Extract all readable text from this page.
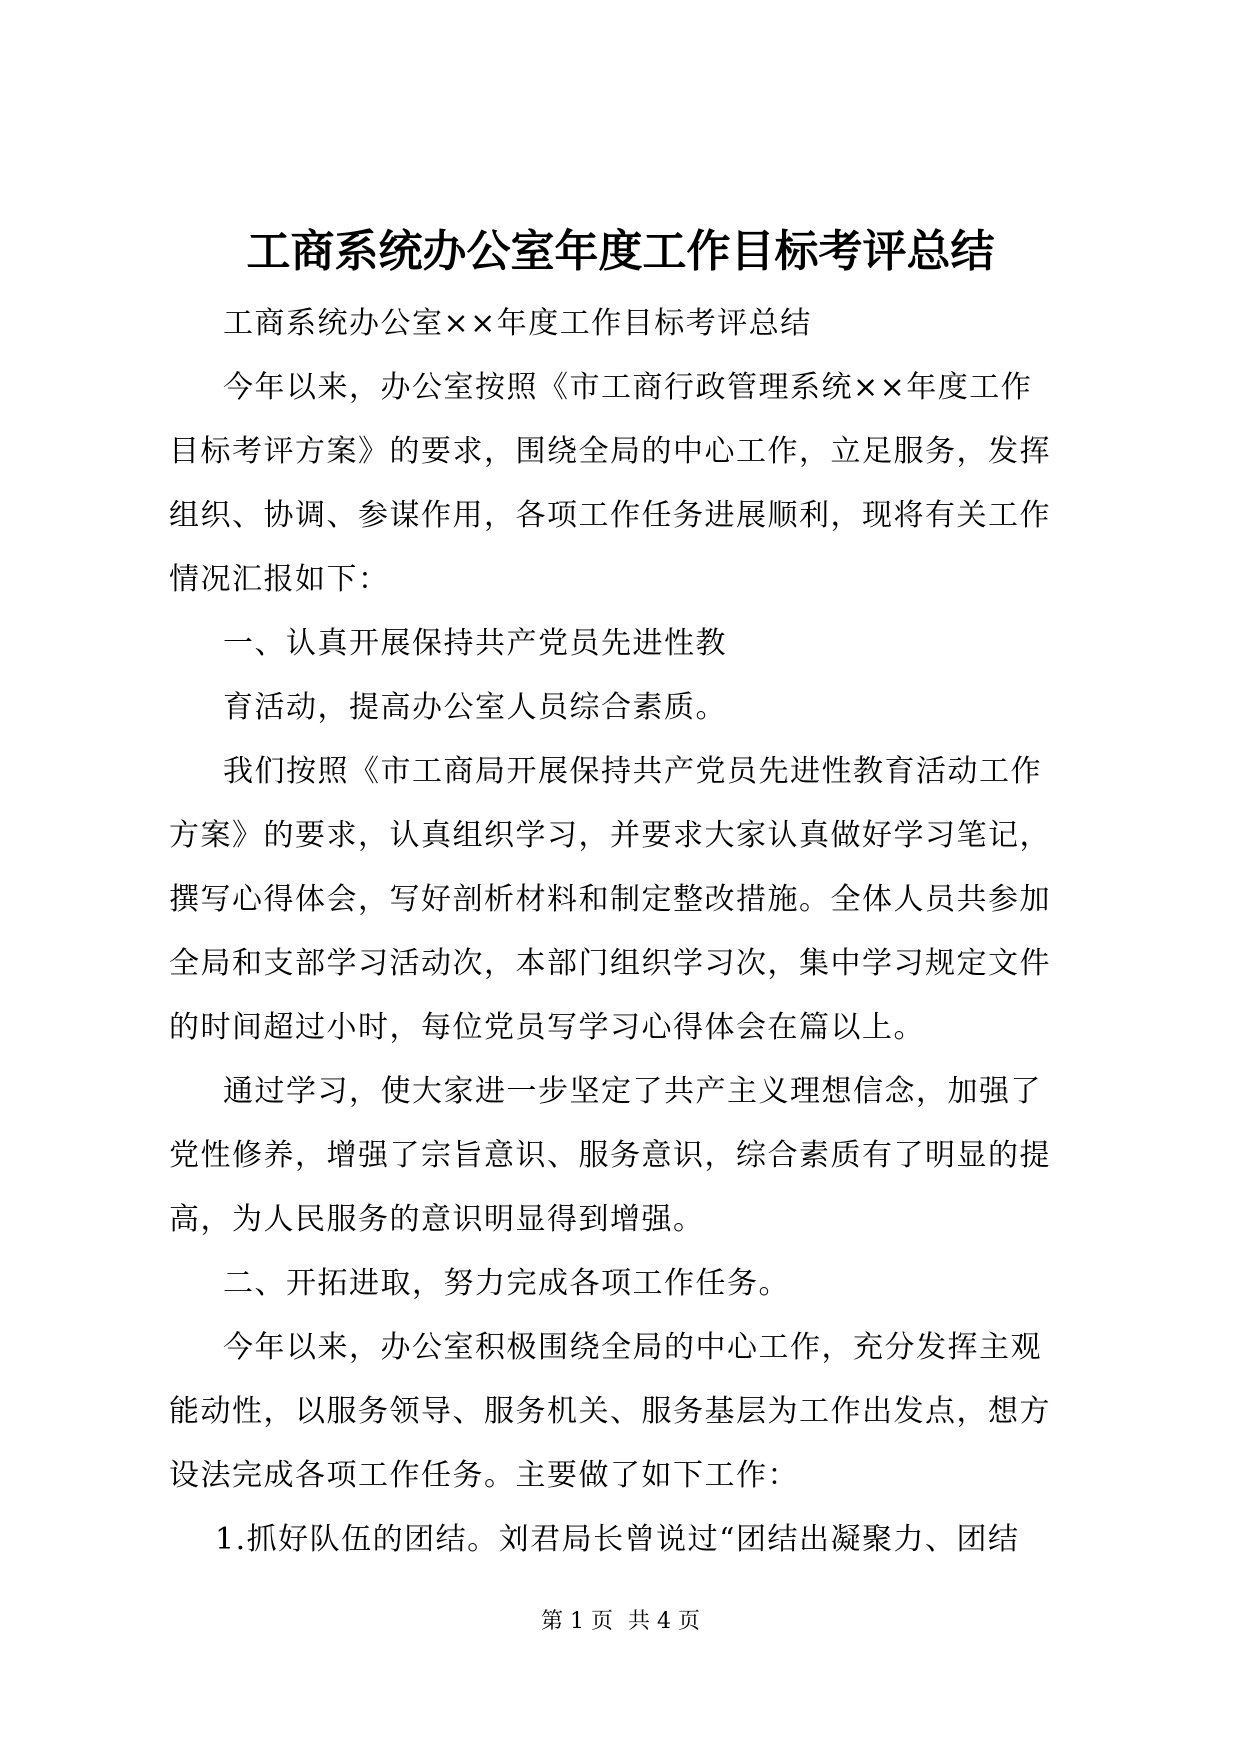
工商系统办公室年度工作目标考评总结
工商系统办公室××年度工作目标考评总结
今年以来，办公室按照《市工商行政管理系统××年度工作
目标考评方案》的要求，围绕全局的中心工作，立足服务，发挥
组织、协调、参谋作用，各项工作任务进展顺利，现将有关工作
情况汇报如下：
一、认真开展保持共产党员先进性教
育活动，提高办公室人员综合素质。
我们按照《市工商局开展保持共产党员先进性教育活动工作
方案》的要求，认真组织学习，并要求大家认真做好学习笔记，
撰写心得体会，写好剖析材料和制定整改措施。全体人员共参加
全局和支部学习活动次，本部门组织学习次，集中学习规定文件
的时间超过小时，每位党员写学习心得体会在篇以上。
通过学习，使大家进一步坚定了共产主义理想信念，加强了
党性修养，增强了宗旨意识、服务意识，综合素质有了明显的提
高，为人民服务的意识明显得到增强。
二、开拓进取，努力完成各项工作任务。
今年以来，办公室积极围绕全局的中心工作，充分发挥主观
能动性，以服务领导、服务机关、服务基层为工作出发点，想方
设法完成各项工作任务。主要做了如下工作：
1.抓好队伍的团结。刘君局长曾说过“团结出凝聚力、团结
第 1 页 共 4 页
